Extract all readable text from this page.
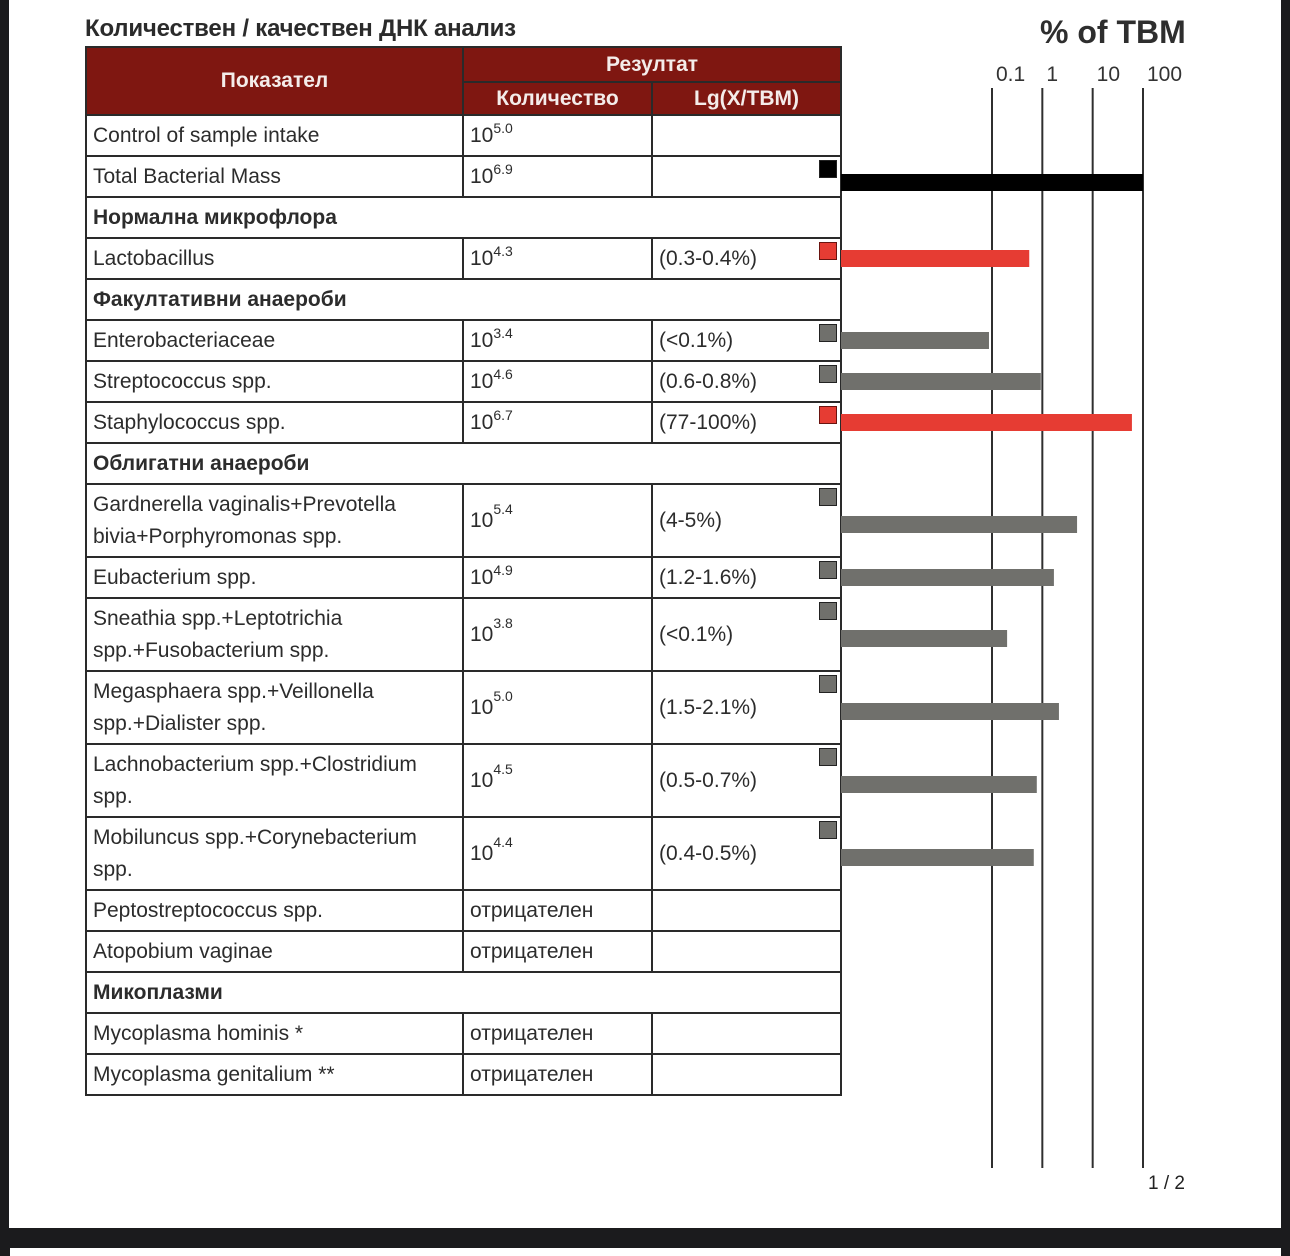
Количествен / качествен ДНК анализ	% of TBM
1 / 2
Показател	Резултат	
	Количество	Lg(X/TBM)
Control of sample intake	$10^{5.0}$	
Total Bacterial Mass	$10^{6.9}$	

Нормална микрофлора		
Lactobacillus	$10^{4.3}$	(0.3-0.4%)

Факултативни анаероби		
Enterobacteriaceae	$10^{3.4}$	(<0.1%)

Streptococcus spp.	$10^{4.6}$	(0.6-0.8%)

Staphylococcus spp.	$10^{6.7}$	(77-100%)

Облигатни анаероби		
Gardnerella vaginalis+Prevotella
bivia+Porphyromonas spp.	$10^{5.4}$	(4-5%)

Eubacterium spp.	$10^{4.9}$	(1.2-1.6%)

Sneathia spp.+Leptotrichia
spp.+Fusobacterium spp.	$10^{3.8}$	(<0.1%)

Megasphaera spp.+Veillonella
spp.+Dialister spp.	$10^{5.0}$	(1.5-2.1%)

Lachnobacterium spp.+Clostridium
spp.	$10^{4.5}$	(0.5-0.7%)

Mobiluncus spp.+Corynebacterium
spp.	$10^{4.4}$	(0.4-0.5%)

Peptostreptococcus spp.	отрицателен	
Atopobium vaginae	отрицателен	
Микоплазми		
Mycoplasma hominis *	отрицателен	
Mycoplasma genitalium **	отрицателен	
0.1 1 10 100
